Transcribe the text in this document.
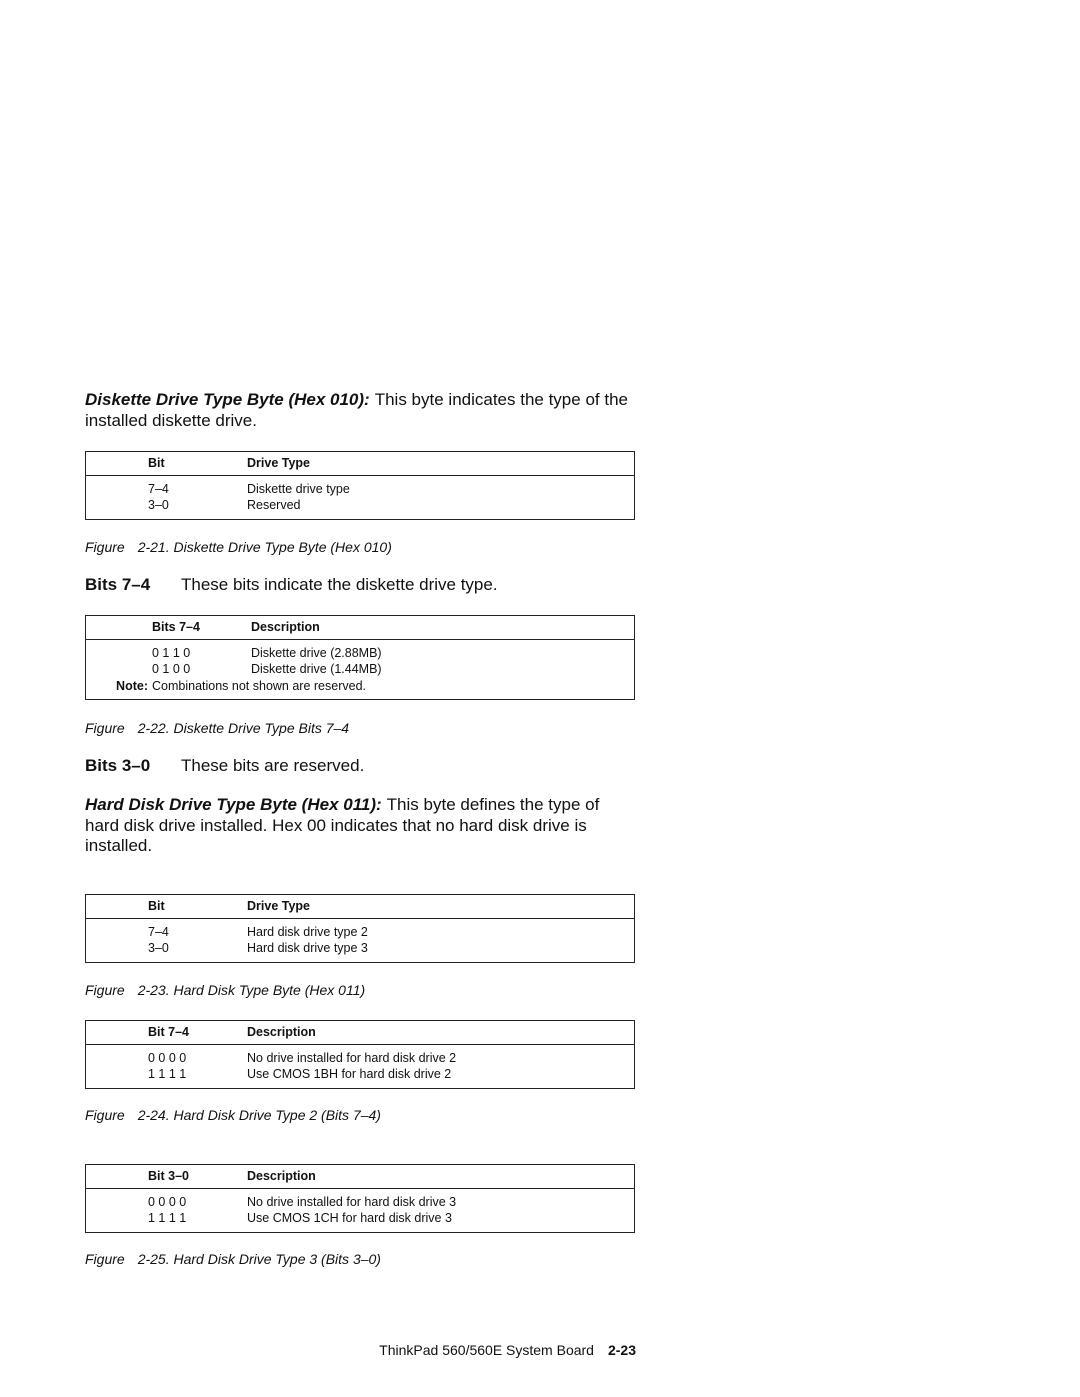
Diskette Drive Type Byte (Hex 010): This byte indicates the type of the installed diskette drive.
	Bit	Drive Type
	7–4	Diskette drive type
	3–0	Reserved
Figure 2-21. Diskette Drive Type Byte (Hex 010)
Bits 7–4 These bits indicate the diskette drive type.
	Bits 7–4	Description
	0 1 1 0	Diskette drive (2.88MB)
	0 1 0 0	Diskette drive (1.44MB)
Note:	Combinations not shown are reserved.	
Figure 2-22. Diskette Drive Type Bits 7–4
Bits 3–0 These bits are reserved.
Hard Disk Drive Type Byte (Hex 011): This byte defines the type of hard disk drive installed. Hex 00 indicates that no hard disk drive is installed.
	Bit	Drive Type
	7–4	Hard disk drive type 2
	3–0	Hard disk drive type 3
Figure 2-23. Hard Disk Type Byte (Hex 011)
	Bit 7–4	Description
	0 0 0 0	No drive installed for hard disk drive 2
	1 1 1 1	Use CMOS 1BH for hard disk drive 2
Figure 2-24. Hard Disk Drive Type 2 (Bits 7–4)
	Bit 3–0	Description
	0 0 0 0	No drive installed for hard disk drive 3
	1 1 1 1	Use CMOS 1CH for hard disk drive 3
Figure 2-25. Hard Disk Drive Type 3 (Bits 3–0)
ThinkPad 560/560E System Board 2-23
